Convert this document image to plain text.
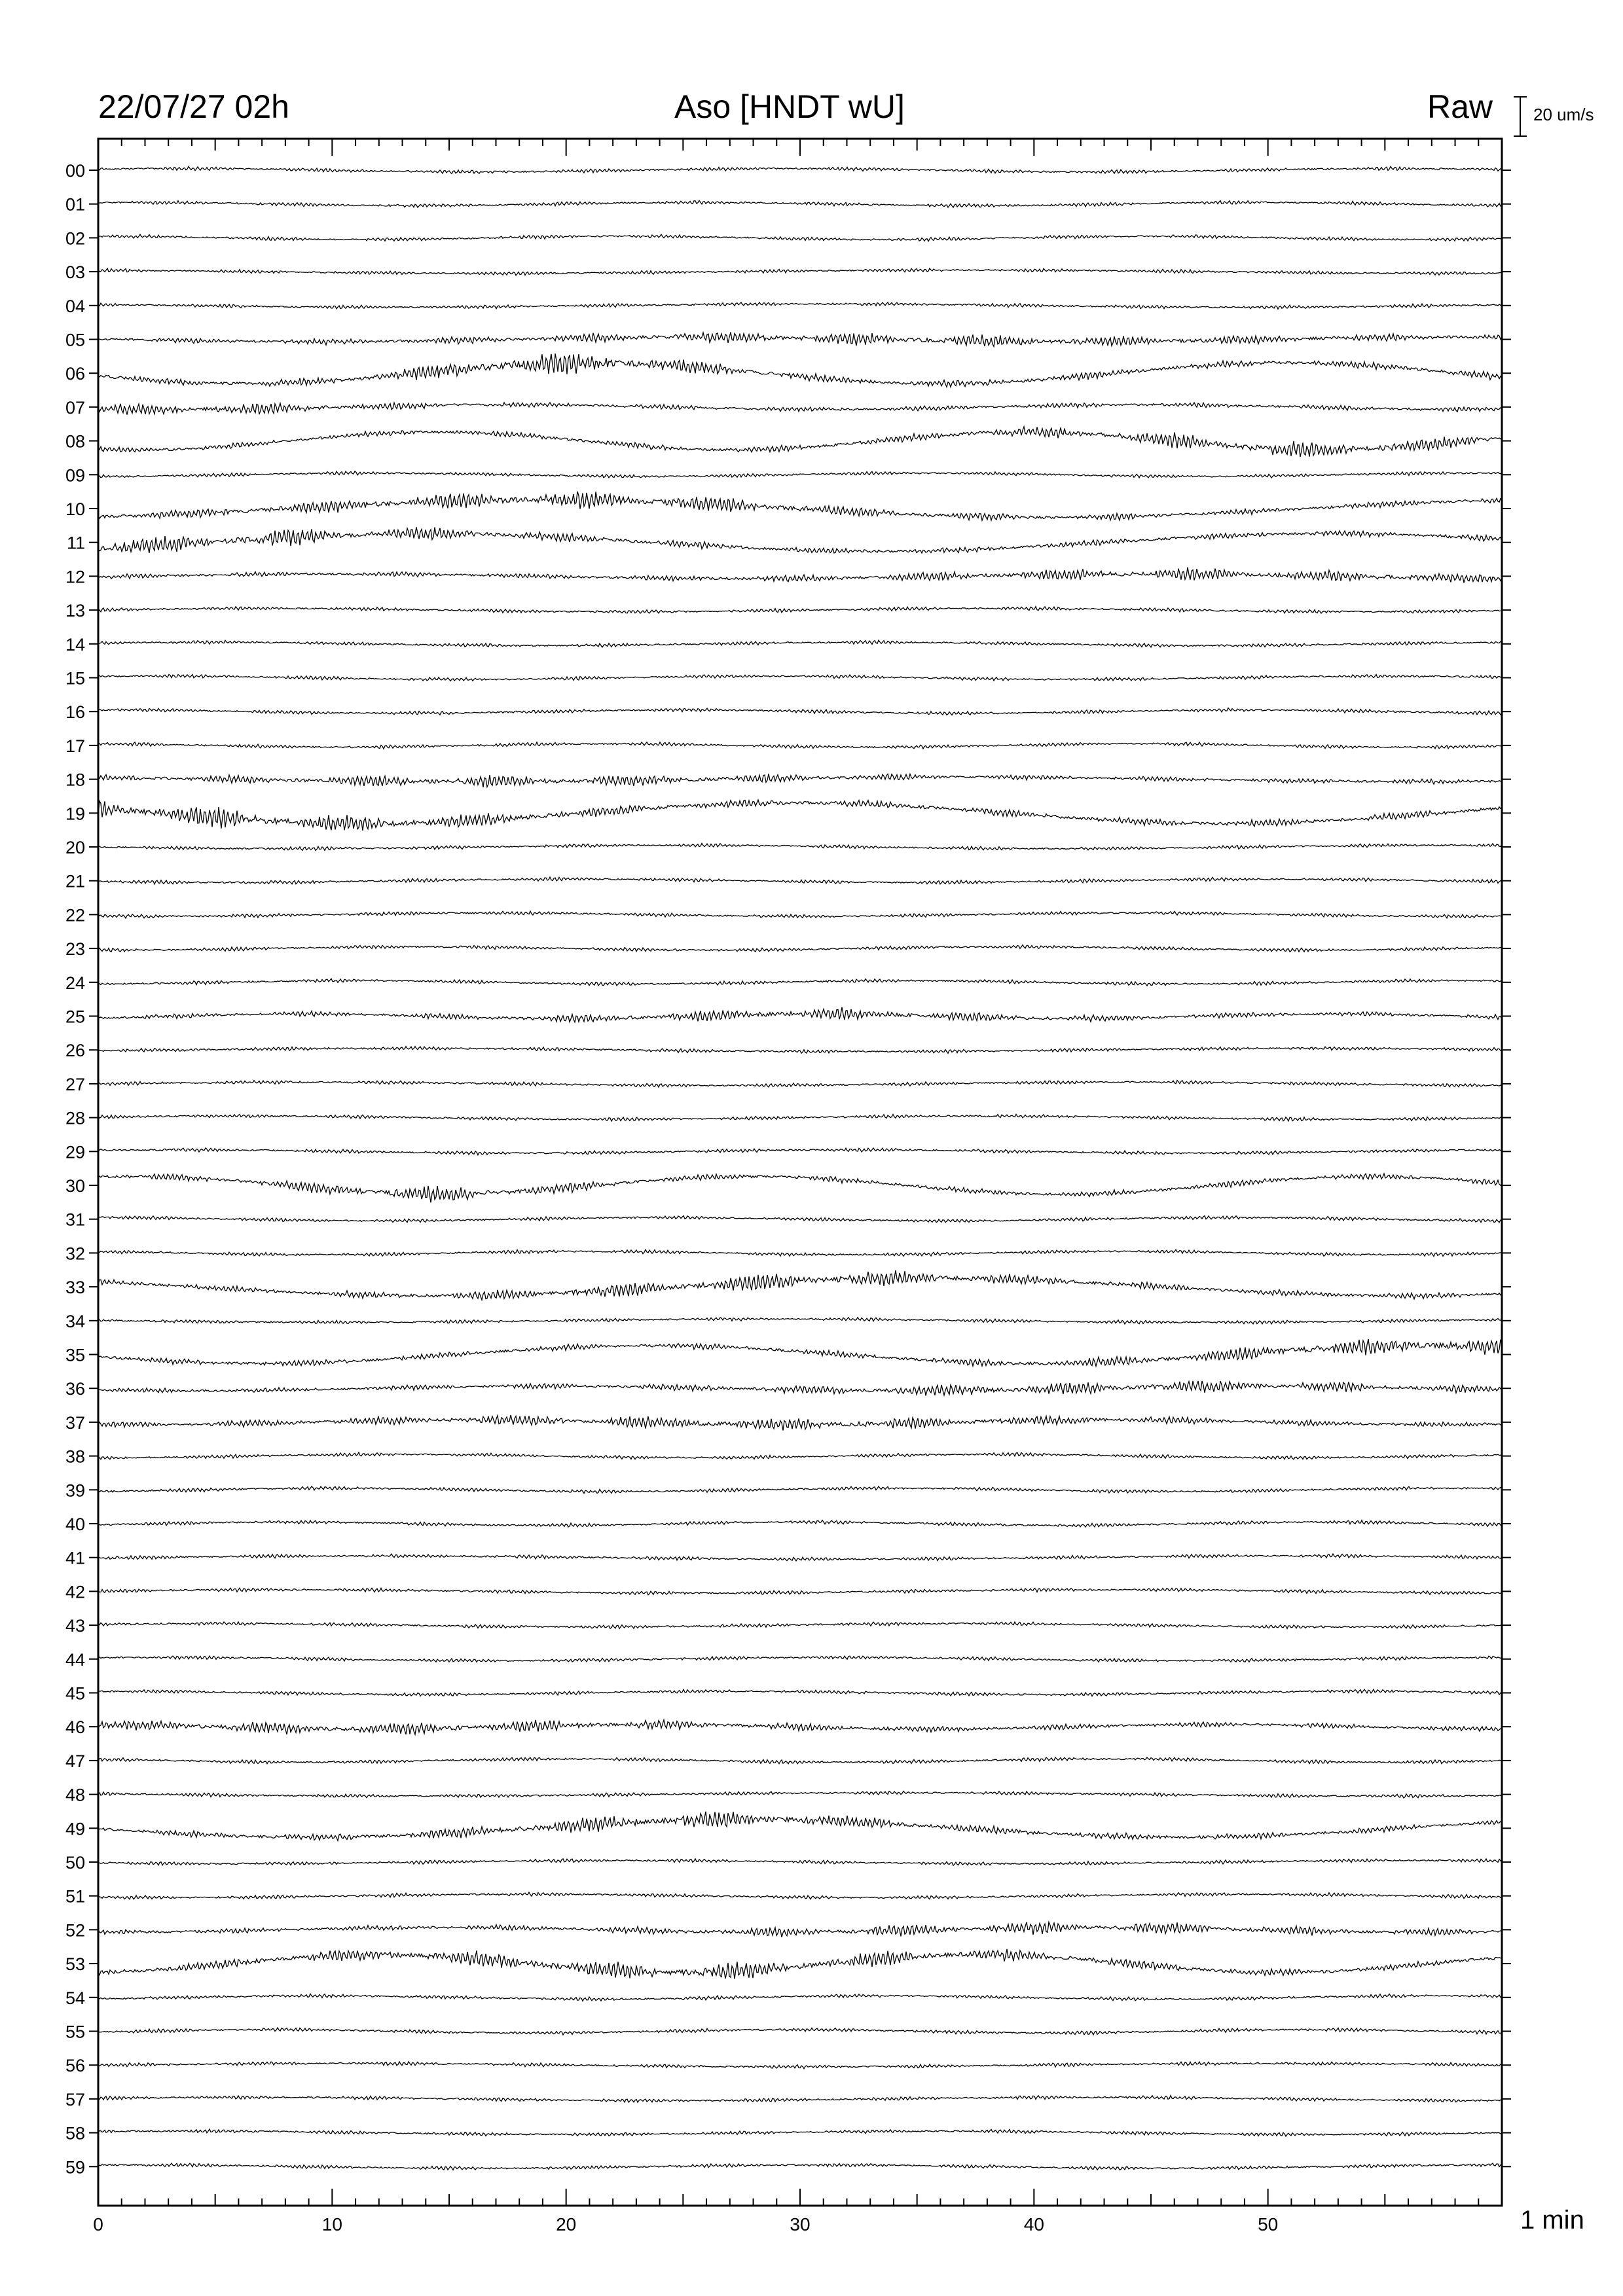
22/07/27 02h	Aso [HNDT wU]	Raw 20 um/s
1 min
00
01
02
03
04
05
06
07
08
09
10
11
12
13
14
15
16
17
18
19
20
21
22
23
24
25
26
27
28
29
30
31
32
33
34
35
36
37
38
39
40
41
42
43
44
45
46
47
48
49
50
51
52
53
54
55
56
57
58
59
0	10	20	30	40	50
